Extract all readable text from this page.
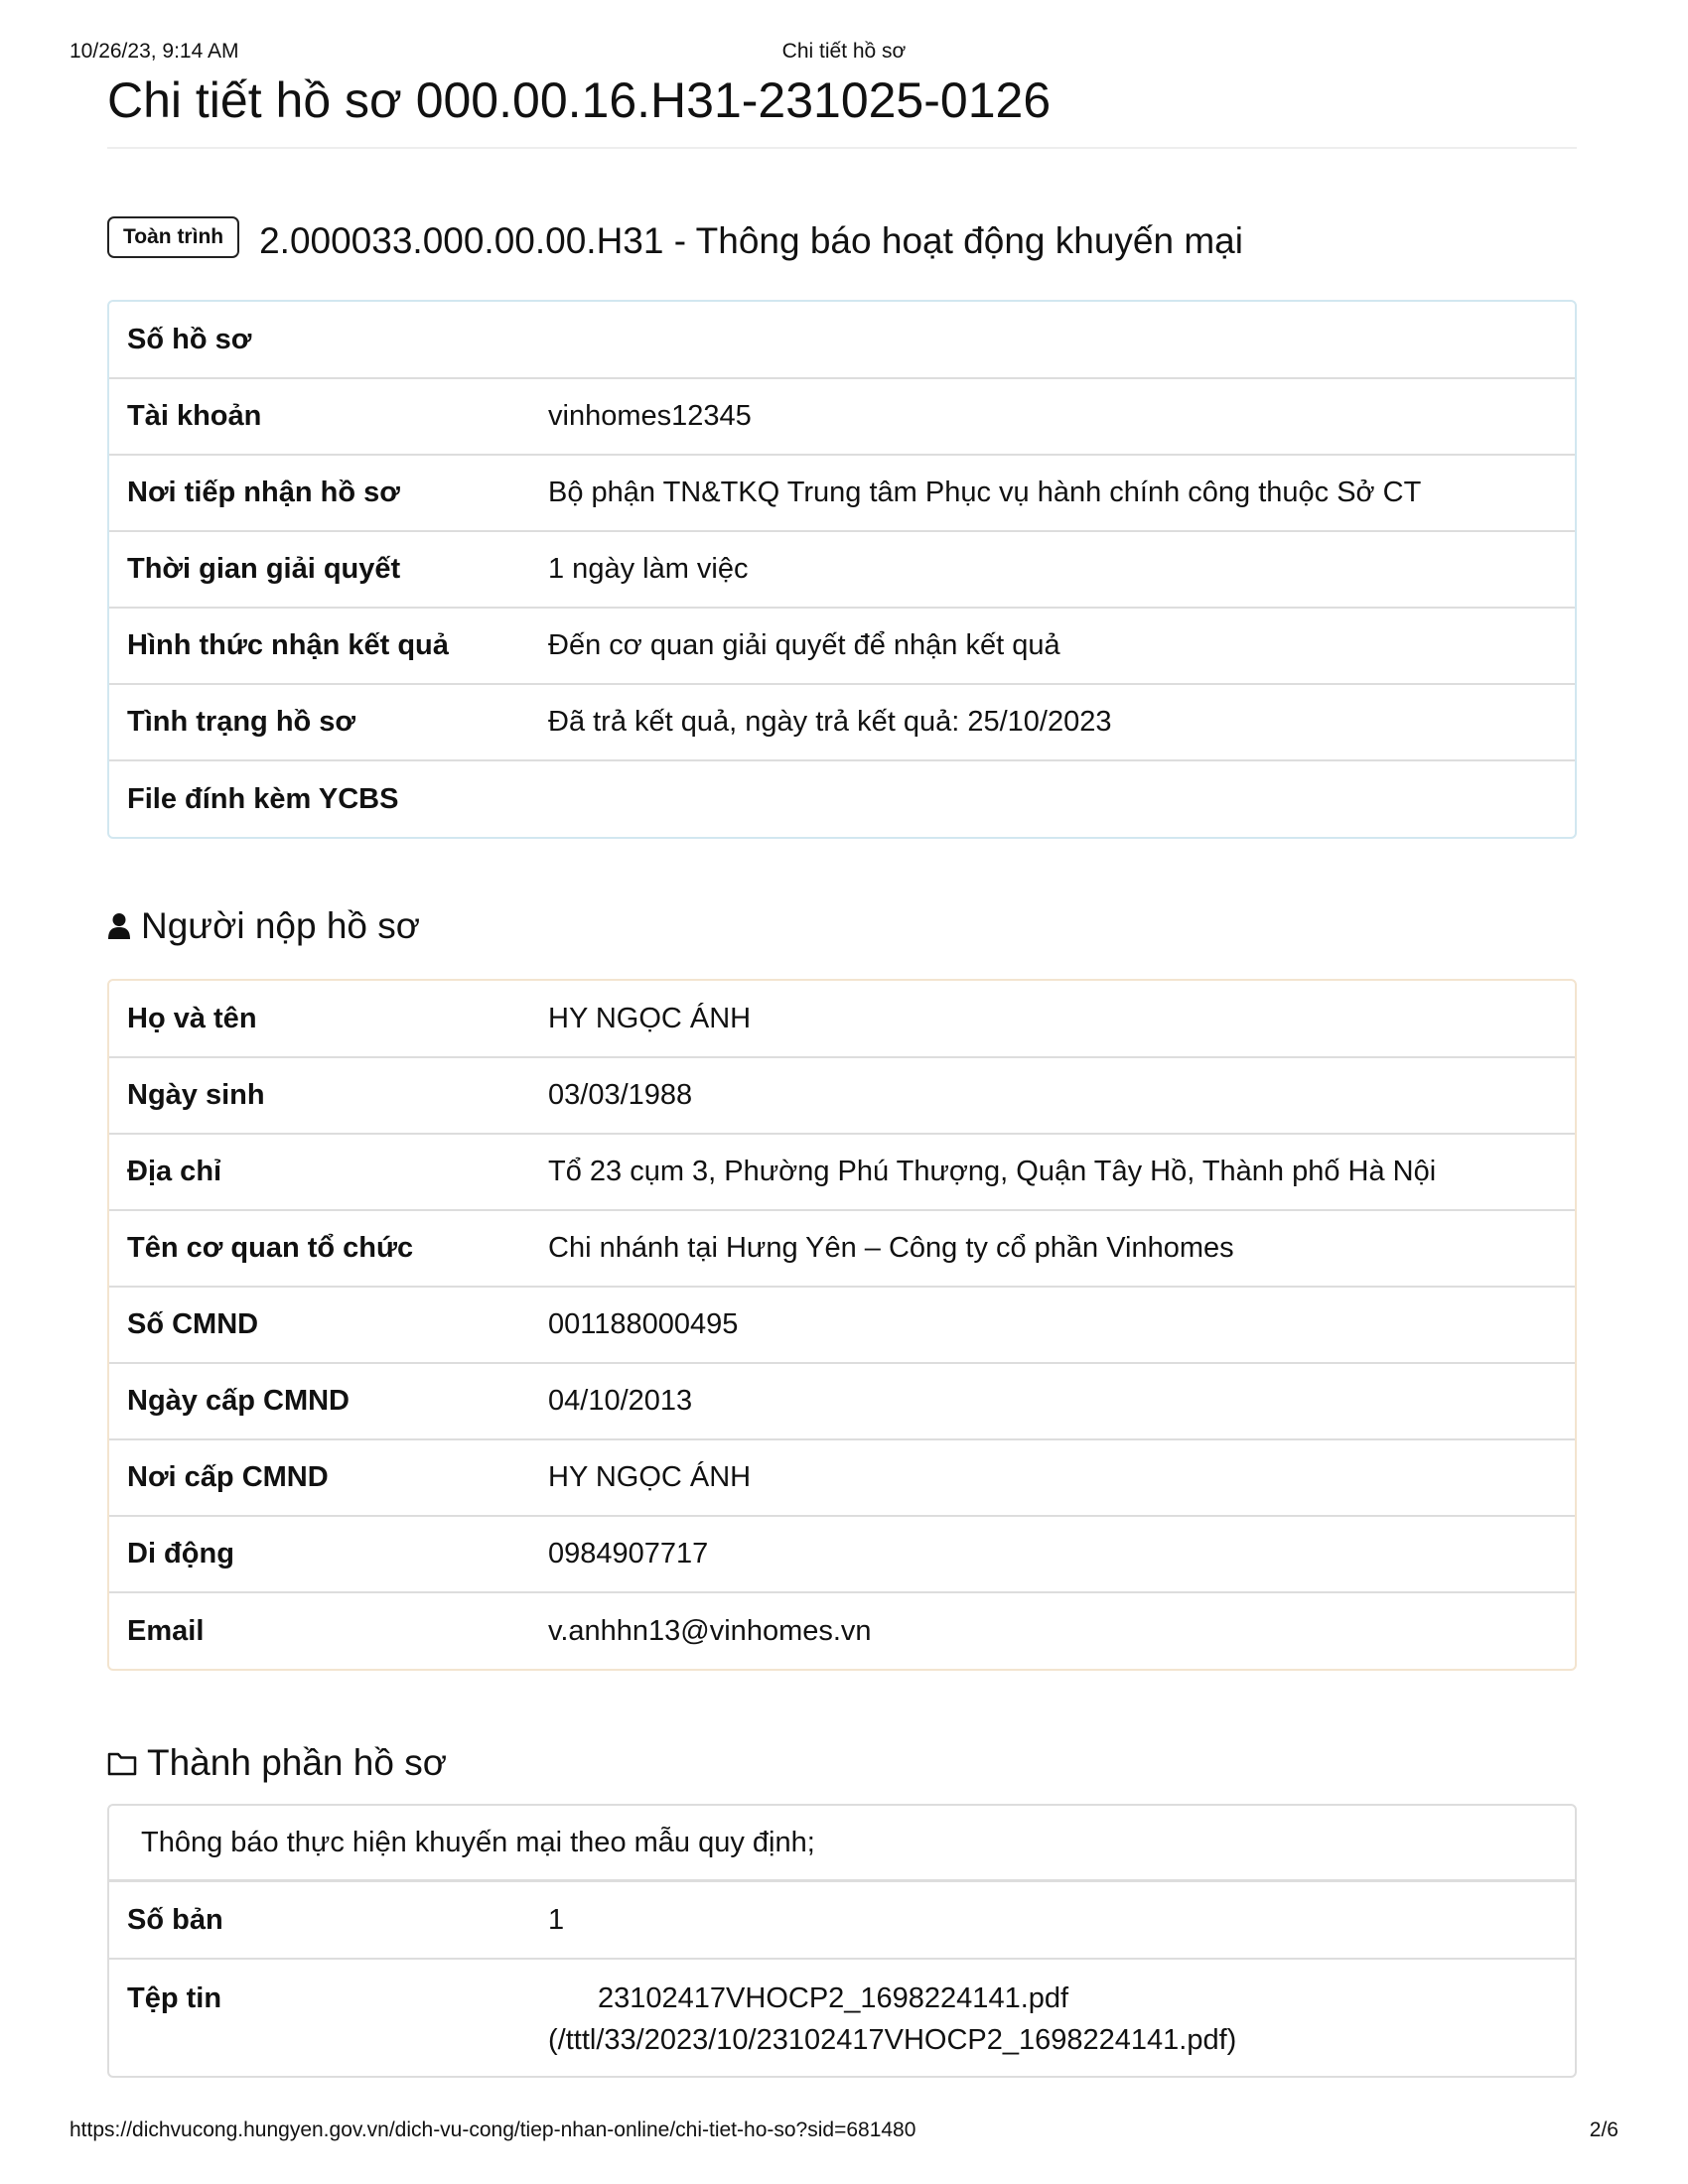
10/26/23, 9:14 AM	Chi tiết hồ sơ
Chi tiết hồ sơ 000.00.16.H31-231025-0126
Toàn trình 2.000033.000.00.00.H31 - Thông báo hoạt động khuyến mại
Số hồ sơ	
Tài khoản	vinhomes12345
Nơi tiếp nhận hồ sơ	Bộ phận TN&TKQ Trung tâm Phục vụ hành chính công thuộc Sở CT
Thời gian giải quyết	1 ngày làm việc
Hình thức nhận kết quả	Đến cơ quan giải quyết để nhận kết quả
Tình trạng hồ sơ	Đã trả kết quả, ngày trả kết quả: 25/10/2023
File đính kèm YCBS	
Người nộp hồ sơ
Họ và tên	HY NGỌC ÁNH
Ngày sinh	03/03/1988
Địa chỉ	Tổ 23 cụm 3, Phường Phú Thượng, Quận Tây Hồ, Thành phố Hà Nội
Tên cơ quan tổ chức	Chi nhánh tại Hưng Yên – Công ty cổ phần Vinhomes
Số CMND	001188000495
Ngày cấp CMND	04/10/2013
Nơi cấp CMND	HY NGỌC ÁNH
Di động	0984907717
Email	v.anhhn13@vinhomes.vn
Thành phần hồ sơ
Thông báo thực hiện khuyến mại theo mẫu quy định;
Số bản	1
Tệp tin	23102417VHOCP2_1698224141.pdf
(/tttl/33/2023/10/23102417VHOCP2_1698224141.pdf)
https://dichvucong.hungyen.gov.vn/dich-vu-cong/tiep-nhan-online/chi-tiet-ho-so?sid=681480	2/6
